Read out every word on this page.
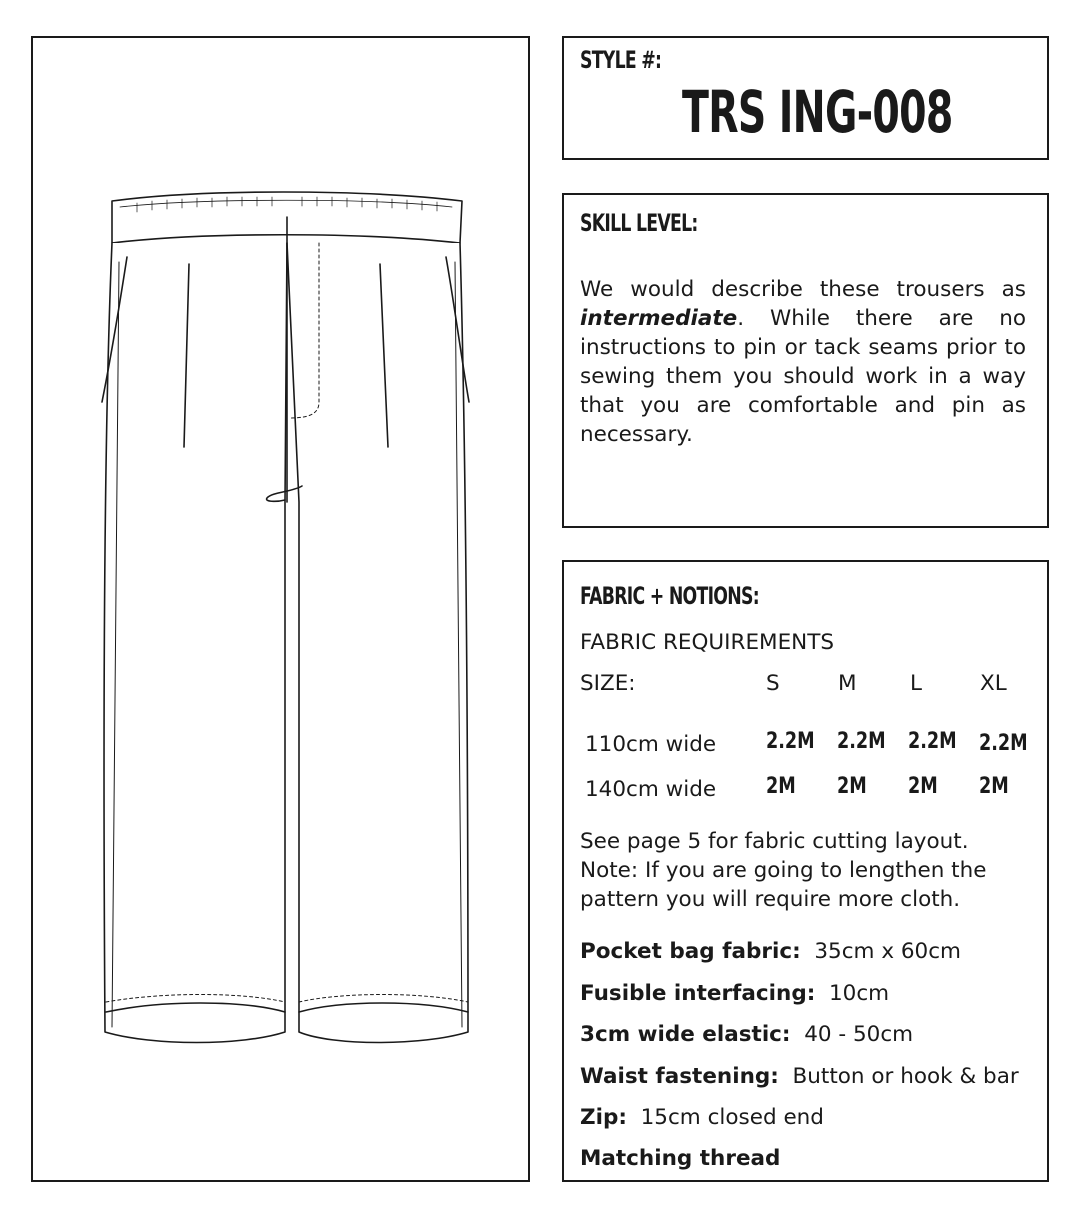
STYLE #:
TRS ING-008
SKILL LEVEL:
We would describe these trousers as intermediate. While there are no instructions to pin or tack seams prior to sewing them you should work in a way that you are comfortable and pin as necessary.
FABRIC + NOTIONS:
FABRIC REQUIREMENTS
SIZE:	S	M L	XL
110cm wide 2.2M	2.2M	2.2M	2.2M
140cm wide 2M	2M	2M	2M
See page 5 for fabric cutting layout.
Note: If you are going to lengthen the
pattern you will require more cloth.
Pocket bag fabric: 35cm x 60cm
Fusible interfacing: 10cm
3cm wide elastic: 40 - 50cm
Waist fastening: Button or hook & bar
Zip: 15cm closed end
Matching thread
